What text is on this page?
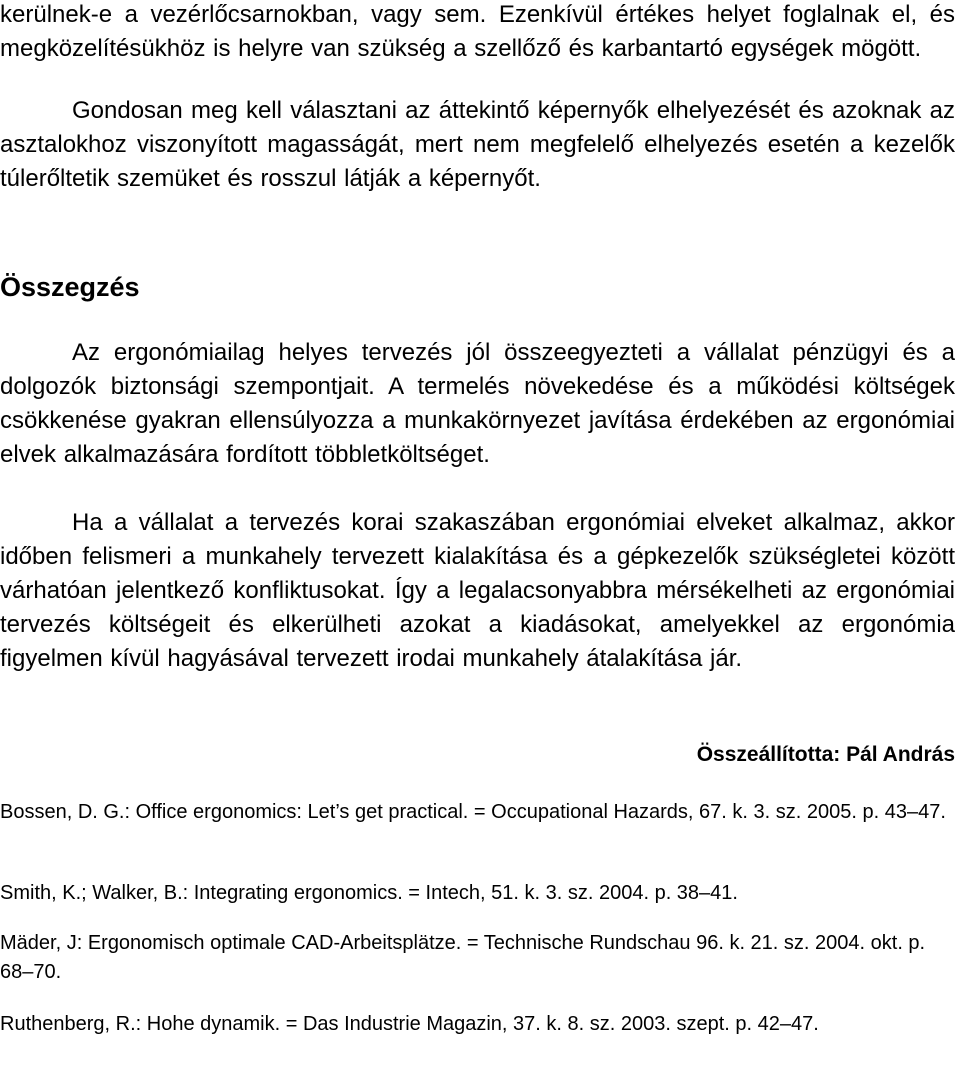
kerülnek-e a vezérlőcsarnokban, vagy sem. Ezenkívül értékes helyet foglalnak el, és megközelítésükhöz is helyre van szükség a szellőző és karbantartó egységek mögött.

Gondosan meg kell választani az áttekintő képernyők elhelyezését és azoknak az asztalokhoz viszonyított magasságát, mert nem megfelelő elhelyezés esetén a kezelők túlerőltetik szemüket és rosszul látják a képernyőt.

Összegzés

Az ergonómiailag helyes tervezés jól összeegyezteti a vállalat pénzügyi és a dolgozók biztonsági szempontjait. A termelés növekedése és a működési költségek csökkenése gyakran ellensúlyozza a munkakörnyezet javítása érdekében az ergonómiai elvek alkalmazására fordított többletköltséget.

Ha a vállalat a tervezés korai szakaszában ergonómiai elveket alkalmaz, akkor időben felismeri a munkahely tervezett kialakítása és a gépkezelők szükségletei között várhatóan jelentkező konfliktusokat. Így a legalacsonyabbra mérsékelheti az ergonómiai tervezés költségeit és elkerülheti azokat a kiadásokat, amelyekkel az ergonómia figyelmen kívül hagyásával tervezett irodai munkahely átalakítása jár.

Összeállította: Pál András

Bossen, D. G.: Office ergonomics: Let’s get practical. = Occupational Hazards, 67. k. 3. sz. 2005. p. 43–47.

Smith, K.; Walker, B.: Integrating ergonomics. = Intech, 51. k. 3. sz. 2004. p. 38–41.

Mäder, J: Ergonomisch optimale CAD-Arbeitsplätze. = Technische Rundschau 96. k. 21. sz. 2004. okt. p. 68–70.

Ruthenberg, R.: Hohe dynamik. = Das Industrie Magazin, 37. k. 8. sz. 2003. szept. p. 42–47.
